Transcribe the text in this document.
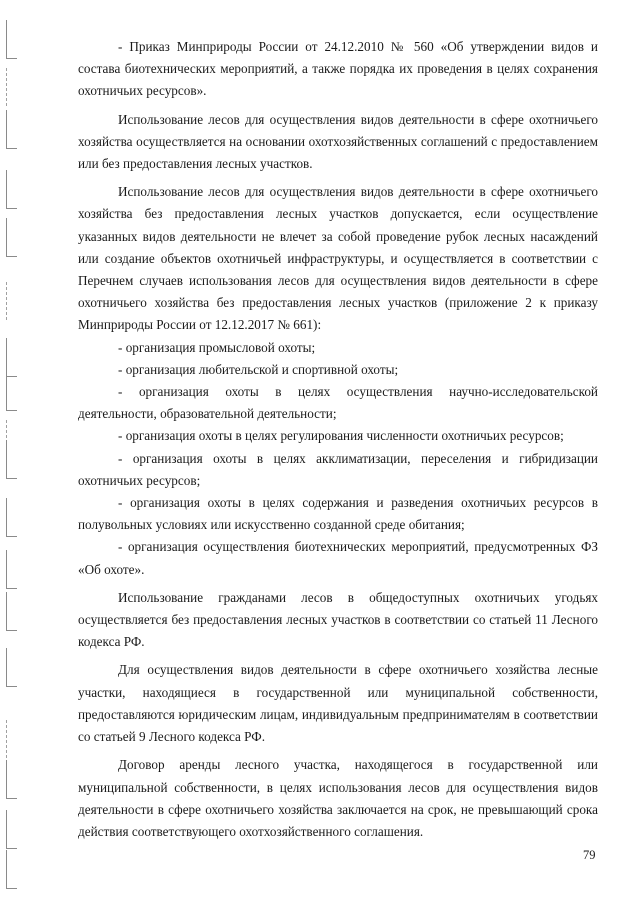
- Приказ Минприроды России от 24.12.2010 № 560 «Об утверждении видов и состава биотехнических мероприятий, а также порядка их проведения в целях сохранения охотничьих ресурсов».

Использование лесов для осуществления видов деятельности в сфере охотничьего хозяйства осуществляется на основании охотхозяйственных соглашений с предоставлением или без предоставления лесных участков.

Использование лесов для осуществления видов деятельности в сфере охотничьего хозяйства без предоставления лесных участков допускается, если осуществление указанных видов деятельности не влечет за собой проведение рубок лесных насаждений или создание объектов охотничьей инфраструктуры, и осуществляется в соответствии с Перечнем случаев использования лесов для осуществления видов деятельности в сфере охотничьего хозяйства без предоставления лесных участков (приложение 2 к приказу Минприроды России от 12.12.2017 № 661):

- организация промысловой охоты;

- организация любительской и спортивной охоты;

- организация охоты в целях осуществления научно-исследовательской деятельности, образовательной деятельности;

- организация охоты в целях регулирования численности охотничьих ресурсов;

- организация охоты в целях акклиматизации, переселения и гибридизации охотничьих ресурсов;

- организация охоты в целях содержания и разведения охотничьих ресурсов в полувольных условиях или искусственно созданной среде обитания;

- организация осуществления биотехнических мероприятий, предусмотренных ФЗ «Об охоте».

Использование гражданами лесов в общедоступных охотничьих угодьях осуществляется без предоставления лесных участков в соответствии со статьей 11 Лесного кодекса РФ.

Для осуществления видов деятельности в сфере охотничьего хозяйства лесные участки, находящиеся в государственной или муниципальной собственности, предоставляются юридическим лицам, индивидуальным предпринимателям в соответствии со статьей 9 Лесного кодекса РФ.

Договор аренды лесного участка, находящегося в государственной или муниципальной собственности, в целях использования лесов для осуществления видов деятельности в сфере охотничьего хозяйства заключается на срок, не превышающий срока действия соответствующего охотхозяйственного соглашения.

79
